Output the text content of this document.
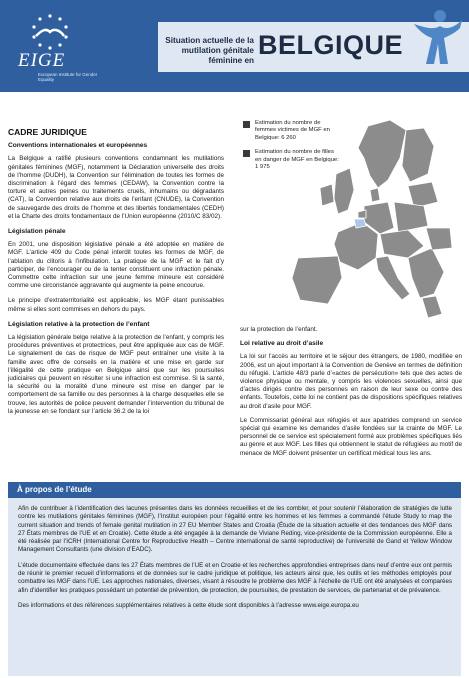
EIGE
European Institute for Gender Equality
Situation actuelle de la mutilation génitale féminine en
BELGIQUE
CADRE JURIDIQUE
Conventions internationales et européennes

La Belgique a ratifié plusieurs conventions condamnant les mutilations génitales féminines (MGF), notamment la Déclaration universelle des droits de l’homme (DUDH), la Convention sur l’élimination de toutes les formes de discrimination à l’égard des femmes (CEDAW), la Convention contre la torture et autres peines ou traitements cruels, inhumains ou dégradants (CAT), la Convention relative aux droits de l’enfant (CNUDE), la Convention de sauvegarde des droits de l’homme et des libertés fondamentales (CEDH) et la Charte des droits fondamentaux de l’Union européenne (2010/C 83/02).

Législation pénale

En 2001, une disposition législative pénale a été adoptée en matière de MGF. L’article 409 du Code pénal interdit toutes les formes de MGF, de l’ablation du clitoris à l’infibulation. La pratique de la MGF et le fait d’y participer, de l’encourager ou de la tenter constituent une infraction pénale. Commettre cette infraction sur une jeune femme mineure est considéré comme une circonstance aggravante qui augmente la peine encourue.

Le principe d’extraterritorialité est applicable, les MGF étant punissables même si elles sont commises en dehors du pays.

Législation relative à la protection de l’enfant

La législation générale belge relative à la protection de l’enfant, y compris les procédures préventives et protectrices, peut être appliquée aux cas de MGF. Le signalement de cas de risque de MGF peut entraîner une visite à la famille avec offre de conseils en la matière et une mise en garde sur l’illégalité de cette pratique en Belgique ainsi que sur les poursuites judiciaires qui peuvent en résulter si une infraction est commise. Si la santé, la sécurité ou la moralité d’une mineure est mise en danger par le comportement de sa famille ou des personnes à la charge desquelles elle se trouve, les autorités de police peuvent demander l’intervention du tribunal de la jeunesse en se fondant sur l’article 36.2 de la loi

Estimation du nombre de femmes victimes de MGF en Belgique: 6 260
Estimation du nombre de filles en danger de MGF en Belgique: 1 975

sur la protection de l’enfant.

Loi relative au droit d’asile

La loi sur l’accès au territoire et le séjour des étrangers, de 1980, modifiée en 2006, est un ajout important à la Convention de Genève en termes de définition du réfugié. L’article 48/3 parle d’«actes de persécution» tels que des actes de violence physique ou mentale, y compris les violences sexuelles, ainsi que d’actes dirigés contre des personnes en raison de leur sexe ou contre des enfants. Toutefois, cette loi ne contient pas de dispositions spécifiques relatives au droit d’asile pour MGF.

Le Commissariat général aux réfugiés et aux apatrides comprend un service spécial qui examine les demandes d’asile fondées sur la crainte de MGF. Le personnel de ce service est spécialement formé aux problèmes spécifiques liés au genre et aux MGF. Les filles qui obtiennent le statut de réfugiées au motif de menace de MGF doivent présenter un certificat médical tous les ans.

À propos de l’étude

Afin de contribuer à l’identification des lacunes présentes dans les données recueillies et de les combler, et pour soutenir l’élaboration de stratégies de lutte contre les mutilations génitales féminines (MGF), l’Institut européen pour l’égalité entre les hommes et les femmes a commandé l’étude Study to map the current situation and trends of female genital mutilation in 27 EU Member States and Croatia (Étude de la situation actuelle et des tendances des MGF dans 27 États membres de l’UE et en Croatie). Cette étude a été engagée à la demande de Viviane Reding, vice-présidente de la Commission européenne. Elle a été réalisée par l’ICRH (International Centre for Reproductive Health – Centre international de santé reproductive) de l’université de Gand et Yellow Window Management Consultants (une division d’EADC).

L’étude documentaire effectuée dans les 27 États membres de l’UE et en Croatie et les recherches approfondies entreprises dans neuf d’entre eux ont permis de réunir le premier recueil d’informations et de données sur le cadre juridique et politique, les acteurs ainsi que, les outils et les méthodes employés pour combattre les MGF dans l’UE. Les approches nationales, diverses, visant à résoudre le problème des MGF à l’échelle de l’UE ont été analysées et comparées afin d’identifier les pratiques possédant un potentiel de prévention, de protection, de poursuites, de prestation de services, de partenariat et de prévalence.

Des informations et des références supplémentaires relatives à cette étude sont disponibles à l’adresse www.eige.europa.eu
